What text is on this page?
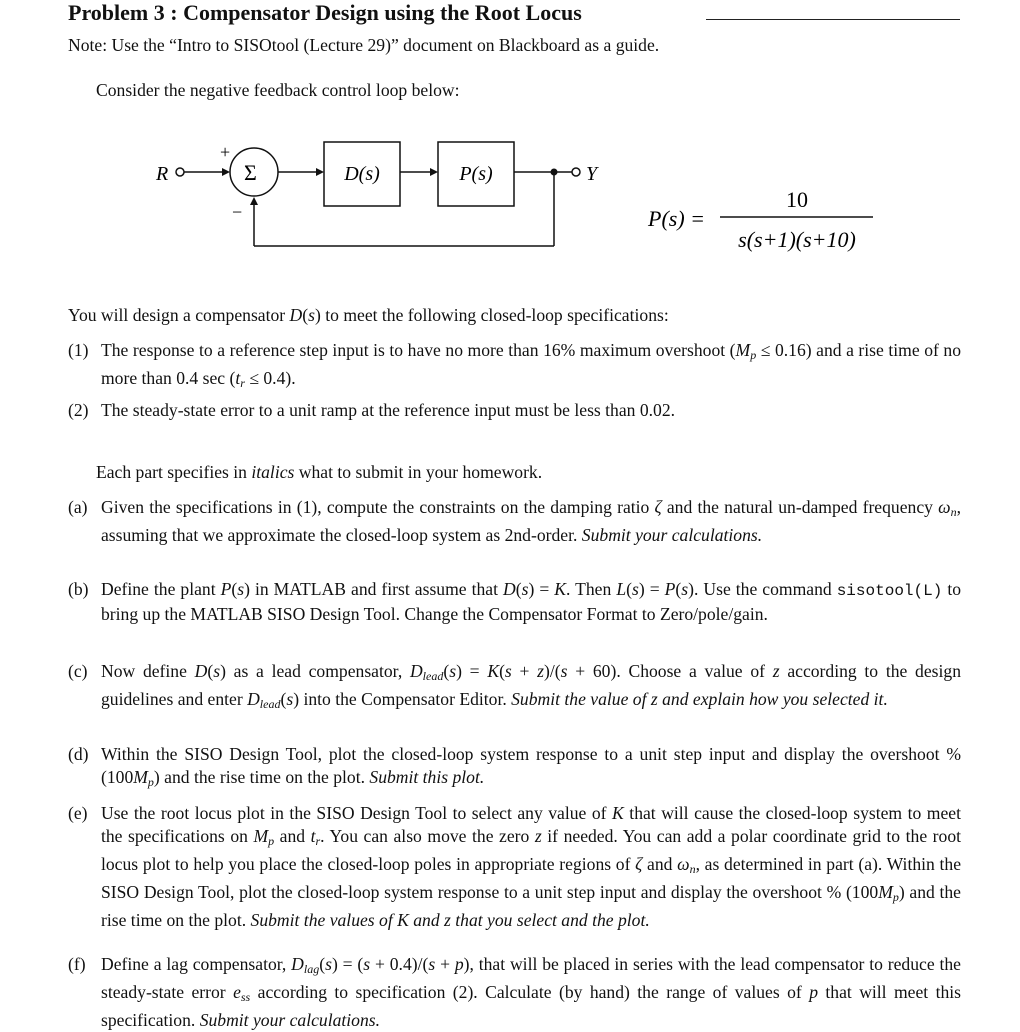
Problem 3 : Compensator Design using the Root Locus
Note: Use the “Intro to SISOtool (Lecture 29)” document on Blackboard as a guide.
Consider the negative feedback control loop below:
R	Y
+
−
Σ	D(s)	P(s)
P(s) =
10
s(s+1)(s+10)
You will design a compensator D(s) to meet the following closed-loop specifications:
(1) The response to a reference step input is to have no more than 16% maximum overshoot $(M_p \le 0.16)$ and a rise time of no more than 0.4 $\sec (t_r \le 0.4)$.
(2) The steady-state error to a unit ramp at the reference input must be less than 0.02.
Each part specifies in italics what to submit in your homework.
(a) Given the specifications in (1), compute the constraints on the damping ratio ζ and the natural un-damped frequency $\omega_n$, assuming that we approximate the closed-loop system as 2nd-order. Submit your calculations.
(b) Define the plant P(s) in MATLAB and first assume that D(s) = K. Then L(s) = P(s). Use the command sisotool(L) to bring up the MATLAB SISO Design Tool. Change the Compensator Format to Zero/pole/gain.
(c) Now define D(s) as a lead compensator, $D_{lead}(s) = K(s + z)/(s + 60)$. Choose a value of z according to the design guidelines and enter $D_{lead}(s)$ into the Compensator Editor. Submit the value of z and explain how you selected it.
(d) Within the SISO Design Tool, plot the closed-loop system response to a unit step input and display the overshoot % $(100M_p)$ and the rise time on the plot. Submit this plot.
(e) Use the root locus plot in the SISO Design Tool to select any value of K that will cause the closed-loop system to meet the specifications on $M_p$ and $t_r$. You can also move the zero z if needed. You can add a polar coordinate grid to the root locus plot to help you place the closed-loop poles in appropriate regions of ζ and $\omega_n$, as determined in part (a). Within the SISO Design Tool, plot the closed-loop system response to a unit step input and display the overshoot % $(100M_p)$ and the rise time on the plot. Submit the values of K and z that you select and the plot.
(f) Define a lag compensator, $D_{lag}(s) = (s + 0.4)/(s + p)$, that will be placed in series with the lead compensator to reduce the steady-state error $e_{ss}$ according to specification (2). Calculate (by hand) the range of values of p that will meet this specification. Submit your calculations.
